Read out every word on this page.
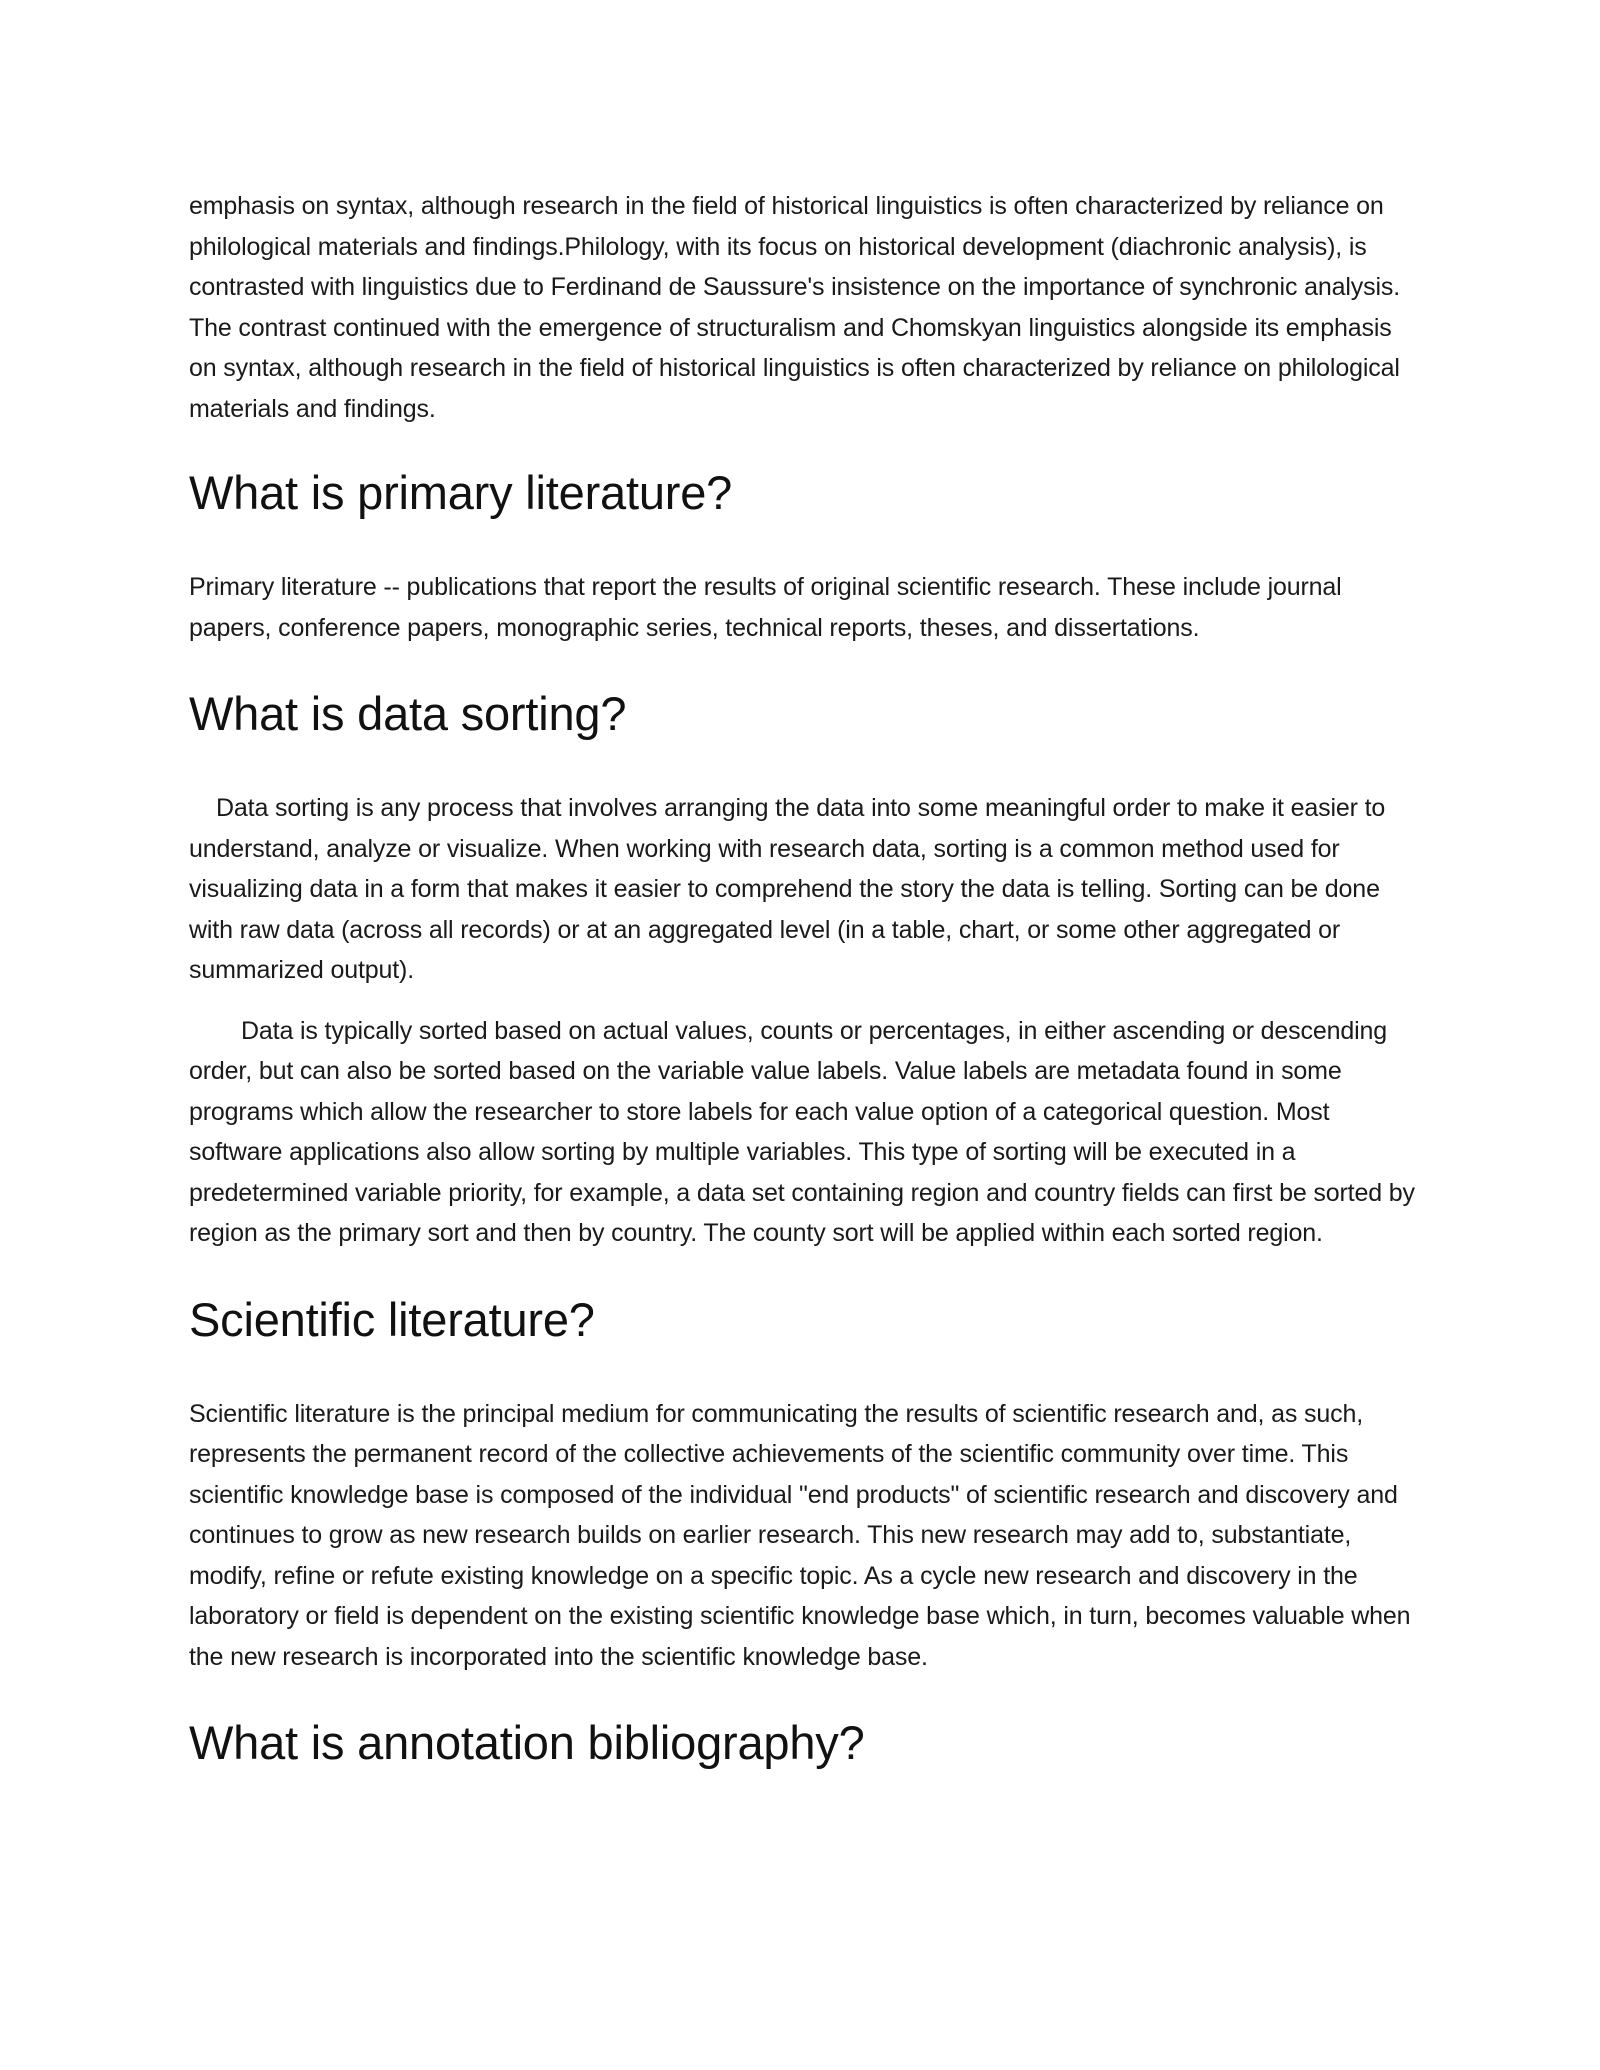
emphasis on syntax, although research in the field of historical linguistics is often characterized by reliance on philological materials and findings.Philology, with its focus on historical development (diachronic analysis), is contrasted with linguistics due to Ferdinand de Saussure's insistence on the importance of synchronic analysis. The contrast continued with the emergence of structuralism and Chomskyan linguistics alongside its emphasis on syntax, although research in the field of historical linguistics is often characterized by reliance on philological materials and findings.

What is primary literature?

Primary literature -- publications that report the results of original scientific research. These include journal papers, conference papers, monographic series, technical reports, theses, and dissertations.

What is data sorting?

Data sorting is any process that involves arranging the data into some meaningful order to make it easier to understand, analyze or visualize. When working with research data, sorting is a common method used for visualizing data in a form that makes it easier to comprehend the story the data is telling. Sorting can be done with raw data (across all records) or at an aggregated level (in a table, chart, or some other aggregated or summarized output).

Data is typically sorted based on actual values, counts or percentages, in either ascending or descending order, but can also be sorted based on the variable value labels. Value labels are metadata found in some programs which allow the researcher to store labels for each value option of a categorical question. Most software applications also allow sorting by multiple variables. This type of sorting will be executed in a predetermined variable priority, for example, a data set containing region and country fields can first be sorted by region as the primary sort and then by country. The county sort will be applied within each sorted region.

Scientific literature?

Scientific literature is the principal medium for communicating the results of scientific research and, as such, represents the permanent record of the collective achievements of the scientific community over time. This scientific knowledge base is composed of the individual "end products" of scientific research and discovery and continues to grow as new research builds on earlier research. This new research may add to, substantiate, modify, refine or refute existing knowledge on a specific topic. As a cycle new research and discovery in the laboratory or field is dependent on the existing scientific knowledge base which, in turn, becomes valuable when the new research is incorporated into the scientific knowledge base.

What is annotation bibliography?
